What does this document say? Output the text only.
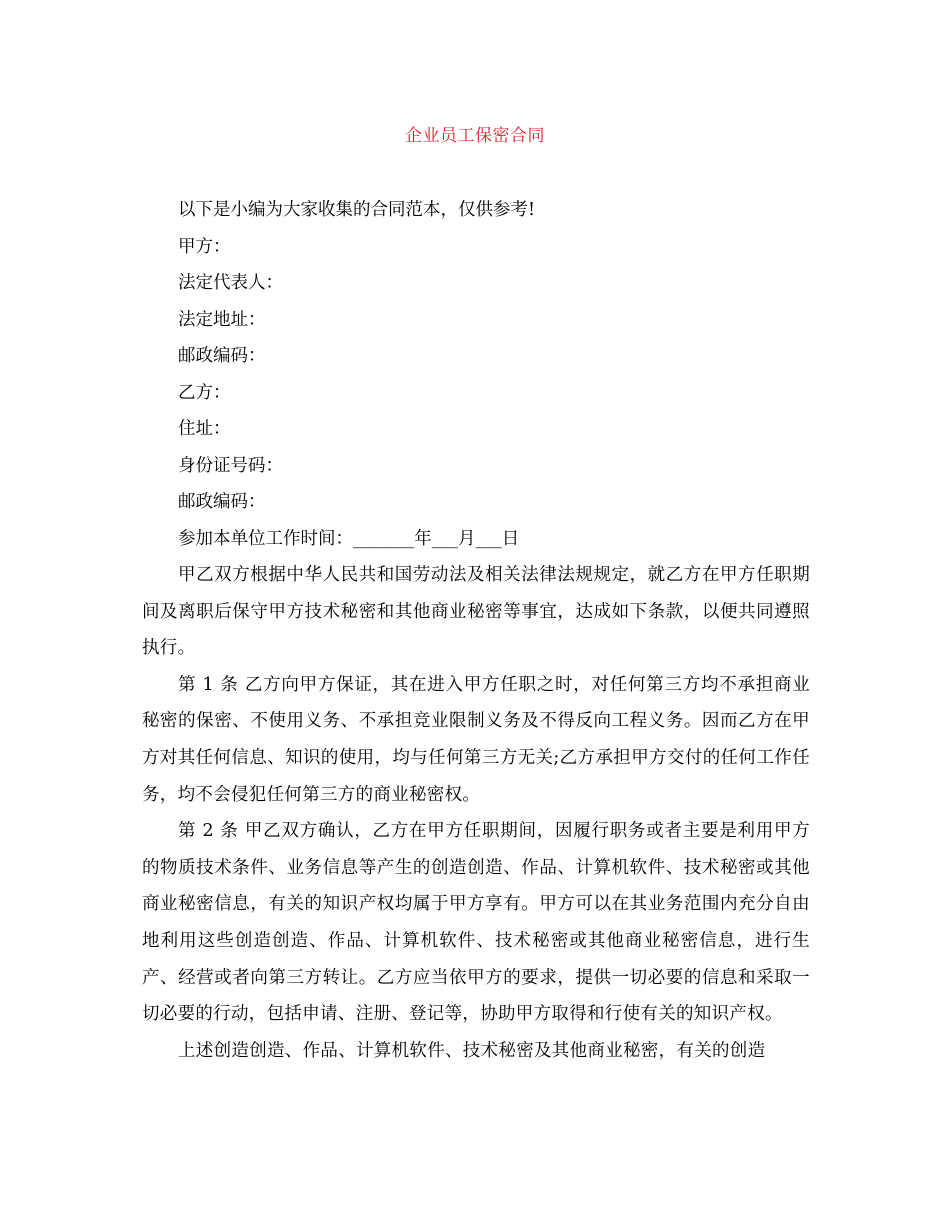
企业员工保密合同
以下是小编为大家收集的合同范本，仅供参考!
甲方：
法定代表人：
法定地址：
邮政编码：
乙方：
住址：
身份证号码：
邮政编码：
参加本单位工作时间：_______年___月___日

甲乙双方根据中华人民共和国劳动法及相关法律法规规定，就乙方在甲方任职期间及离职后保守甲方技术秘密和其他商业秘密等事宜，达成如下条款，以便共同遵照执行。

第 1 条 乙方向甲方保证，其在进入甲方任职之时，对任何第三方均不承担商业秘密的保密、不使用义务、不承担竞业限制义务及不得反向工程义务。因而乙方在甲方对其任何信息、知识的使用，均与任何第三方无关;乙方承担甲方交付的任何工作任务，均不会侵犯任何第三方的商业秘密权。

第 2 条 甲乙双方确认，乙方在甲方任职期间，因履行职务或者主要是利用甲方的物质技术条件、业务信息等产生的创造创造、作品、计算机软件、技术秘密或其他商业秘密信息，有关的知识产权均属于甲方享有。甲方可以在其业务范围内充分自由地利用这些创造创造、作品、计算机软件、技术秘密或其他商业秘密信息，进行生产、经营或者向第三方转让。乙方应当依甲方的要求，提供一切必要的信息和采取一切必要的行动，包括申请、注册、登记等，协助甲方取得和行使有关的知识产权。

上述创造创造、作品、计算机软件、技术秘密及其他商业秘密，有关的创造
